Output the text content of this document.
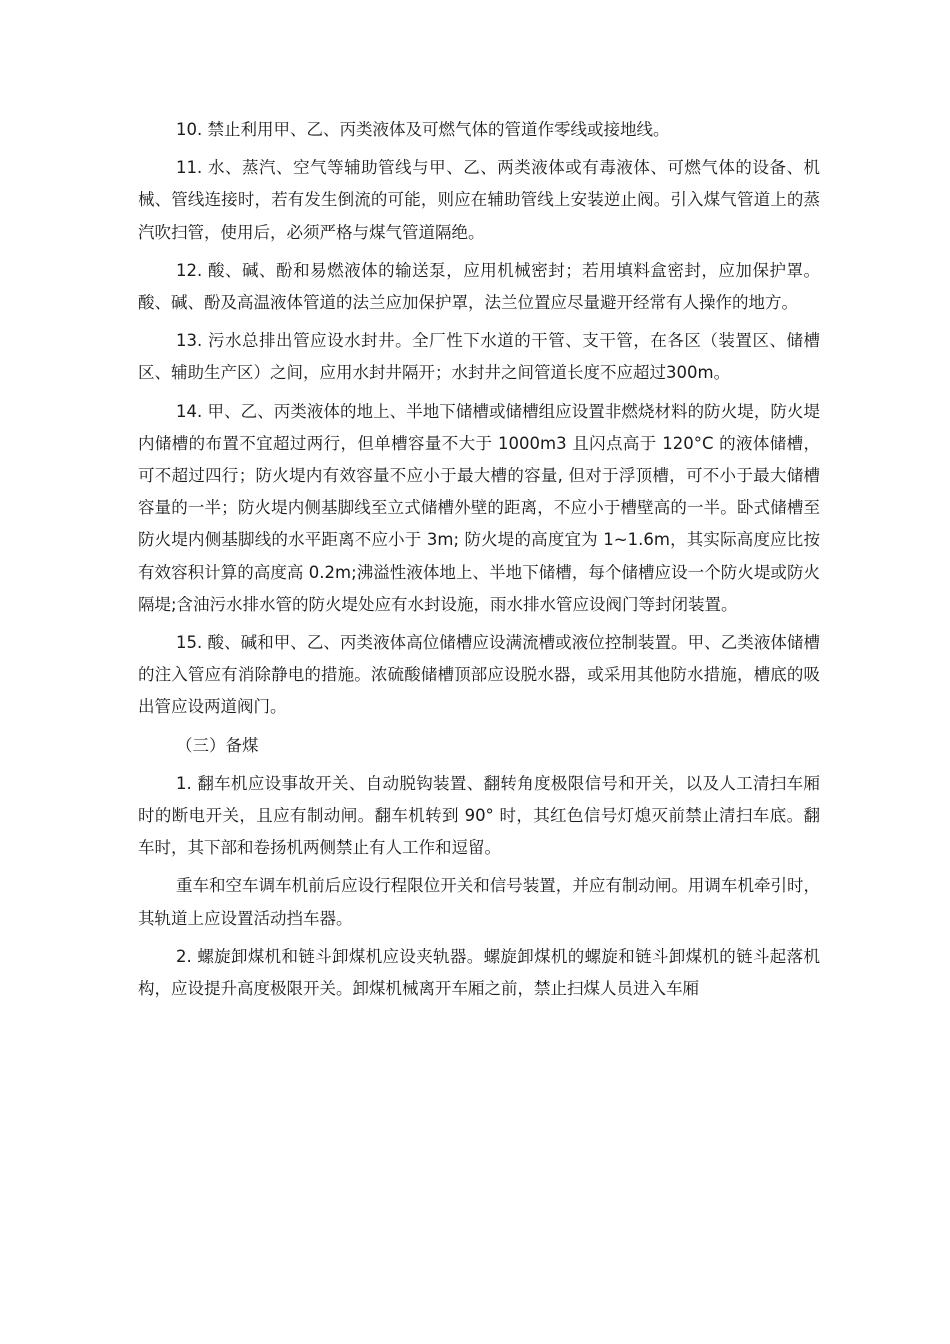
10. 禁止利用甲、乙、丙类液体及可燃气体的管道作零线或接地线。

11. 水、蒸汽、空气等辅助管线与甲、乙、两类液体或有毒液体、可燃气体的设备、机械、管线连接时，若有发生倒流的可能，则应在辅助管线上安装逆止阀。引入煤气管道上的蒸汽吹扫管，使用后，必须严格与煤气管道隔绝。

12. 酸、碱、酚和易燃液体的输送泵，应用机械密封；若用填料盒密封，应加保护罩。酸、碱、酚及高温液体管道的法兰应加保护罩，法兰位置应尽量避开经常有人操作的地方。

13. 污水总排出管应设水封井。全厂性下水道的干管、支干管，在各区（装置区、储槽区、辅助生产区）之间，应用水封井隔开；水封井之间管道长度不应超过300m。

14. 甲、乙、丙类液体的地上、半地下储槽或储槽组应设置非燃烧材料的防火堤，防火堤内储槽的布置不宜超过两行，但单槽容量不大于 1000m3 且闪点高于 120°C 的液体储槽，可不超过四行；防火堤内有效容量不应小于最大槽的容量, 但对于浮顶槽，可不小于最大储槽容量的一半；防火堤内侧基脚线至立式储槽外壁的距离，不应小于槽壁高的一半。卧式储槽至防火堤内侧基脚线的水平距离不应小于 3m; 防火堤的高度宜为 1~1.6m，其实际高度应比按有效容积计算的高度高 0.2m;沸溢性液体地上、半地下储槽，每个储槽应设一个防火堤或防火隔堤;含油污水排水管的防火堤处应有水封设施，雨水排水管应设阀门等封闭装置。

15. 酸、碱和甲、乙、丙类液体高位储槽应设满流槽或液位控制装置。甲、乙类液体储槽的注入管应有消除静电的措施。浓硫酸储槽顶部应设脱水器，或采用其他防水措施，槽底的吸出管应设两道阀门。

（三）备煤

1. 翻车机应设事故开关、自动脱钩装置、翻转角度极限信号和开关，以及人工清扫车厢时的断电开关，且应有制动闸。翻车机转到 90° 时，其红色信号灯熄灭前禁止清扫车底。翻车时，其下部和卷扬机两侧禁止有人工作和逗留。

重车和空车调车机前后应设行程限位开关和信号装置，并应有制动闸。用调车机牵引时，其轨道上应设置活动挡车器。

2. 螺旋卸煤机和链斗卸煤机应设夹轨器。螺旋卸煤机的螺旋和链斗卸煤机的链斗起落机构，应设提升高度极限开关。卸煤机械离开车厢之前，禁止扫煤人员进入车厢
